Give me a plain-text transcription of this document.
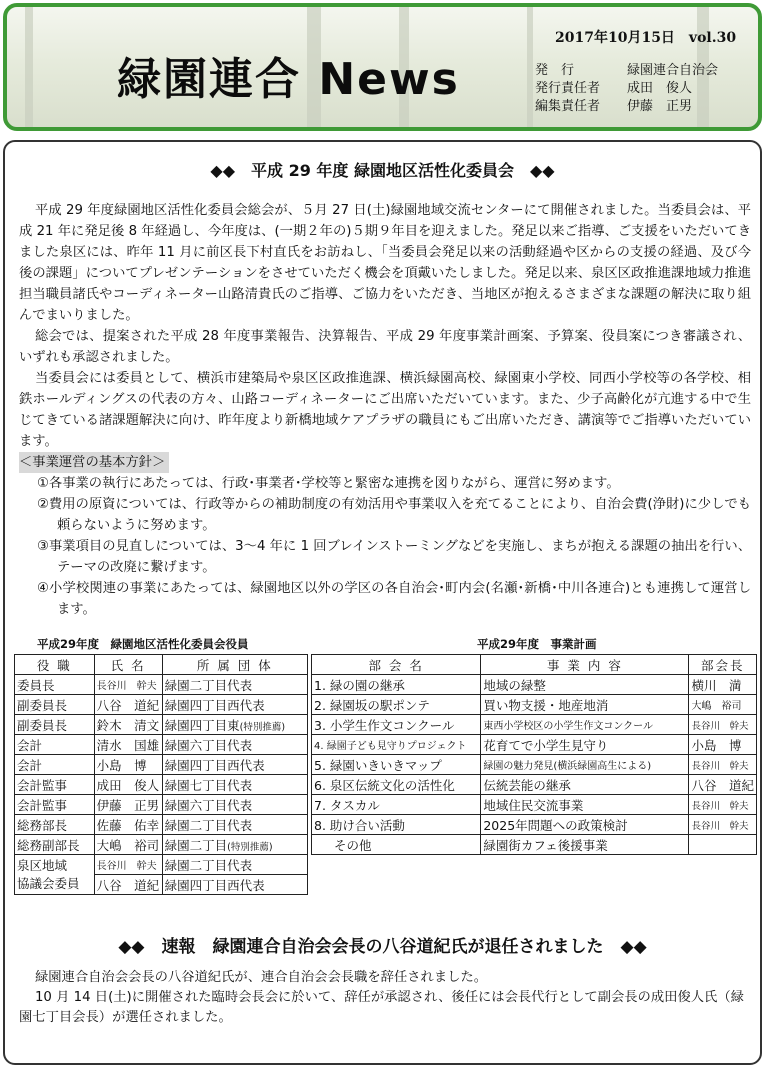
緑園連合 News
2017年10月15日　vol.30
発　行	緑園連合自治会
発行責任者	成田　俊人
編集責任者	伊藤　正男
◆◆　平成 29 年度 緑園地区活性化委員会　◆◆

平成 29 年度緑園地区活性化委員会総会が、５月 27 日(土)緑園地域交流センターにて開催されました。当委員会は、平成 21 年に発足後 8 年経過し、今年度は、(一期２年の)５期９年目を迎えました。発足以来ご指導、ご支援をいただいてきました泉区には、昨年 11 月に前区長下村直氏をお訪ねし、「当委員会発足以来の活動経過や区からの支援の経過、及び今後の課題」についてプレゼンテーションをさせていただく機会を頂戴いたしました。発足以来、泉区区政推進課地域力推進担当職員諸氏やコーディネーター山路清貴氏のご指導、ご協力をいただき、当地区が抱えるさまざまな課題の解決に取り組んでまいりました。

総会では、提案された平成 28 年度事業報告、決算報告、平成 29 年度事業計画案、予算案、役員案につき審議され、いずれも承認されました。

当委員会には委員として、横浜市建築局や泉区区政推進課、横浜緑園高校、緑園東小学校、同西小学校等の各学校、相鉄ホールディングスの代表の方々、山路コーディネーターにご出席いただいています。また、少子高齢化が亢進する中で生じてきている諸課題解決に向け、昨年度より新橋地域ケアプラザの職員にもご出席いただき、講演等でご指導いただいています。

＜事業運営の基本方針＞
①各事業の執行にあたっては、行政･事業者･学校等と緊密な連携を図りながら、運営に努めます。
②費用の原資については、行政等からの補助制度の有効活用や事業収入を充てることにより、自治会費(浄財)に少しでも頼らないように努めます。
③事業項目の見直しについては、3～4 年に 1 回ブレインストーミングなどを実施し、まちが抱える課題の抽出を行い、テーマの改廃に繋げます。
④小学校関連の事業にあたっては、緑園地区以外の学区の各自治会･町内会(名瀬･新橋･中川各連合)とも連携して運営します。
平成29年度　緑園地区活性化委員会役員	平成29年度　事業計画
役 職	氏 名	所 属 団 体
委員長	長谷川　幹夫	緑園二丁目代表
副委員長	八谷　道紀	緑園四丁目西代表
副委員長	鈴木　清文	緑園四丁目東(特別推薦)
会計	清水　国雄	緑園六丁目代表
会計	小島　博	緑園四丁目西代表
会計監事	成田　俊人	緑園七丁目代表
会計監事	伊藤　正男	緑園六丁目代表
総務部長	佐藤　佑幸	緑園二丁目代表
総務副部長	大嶋　裕司	緑園二丁目(特別推薦)

泉区地域
協議会委員	長谷川　幹夫	緑園二丁目代表
	八谷　道紀	緑園四丁目西代表
部 会 名	事 業 内 容	部会長
1. 緑の園の継承	地域の緑整	横川　満
2. 緑園坂の駅ポンテ	買い物支援・地産地消	大嶋　裕司
3. 小学生作文コンクール	東西小学校区の小学生作文コンクール	長谷川　幹夫
4. 緑園子ども見守りプロジェクト	花育てで小学生見守り	小島　博
5. 緑園いきいきマップ	緑園の魅力発見(横浜緑園高生による)	長谷川　幹夫
6. 泉区伝統文化の活性化	伝統芸能の継承	八谷　道紀
7. タスカル	地域住民交流事業	長谷川　幹夫
8. 助け合い活動	2025年問題への政策検討	長谷川　幹夫
その他	緑園街カフェ後援事業	
◆◆　速報　緑園連合自治会会長の八谷道紀氏が退任されました　◆◆

緑園連合自治会会長の八谷道紀氏が、連合自治会会長職を辞任されました。

10 月 14 日(土)に開催された臨時会長会に於いて、辞任が承認され、後任には会長代行として副会長の成田俊人氏（緑園七丁目会長）が選任されました。
